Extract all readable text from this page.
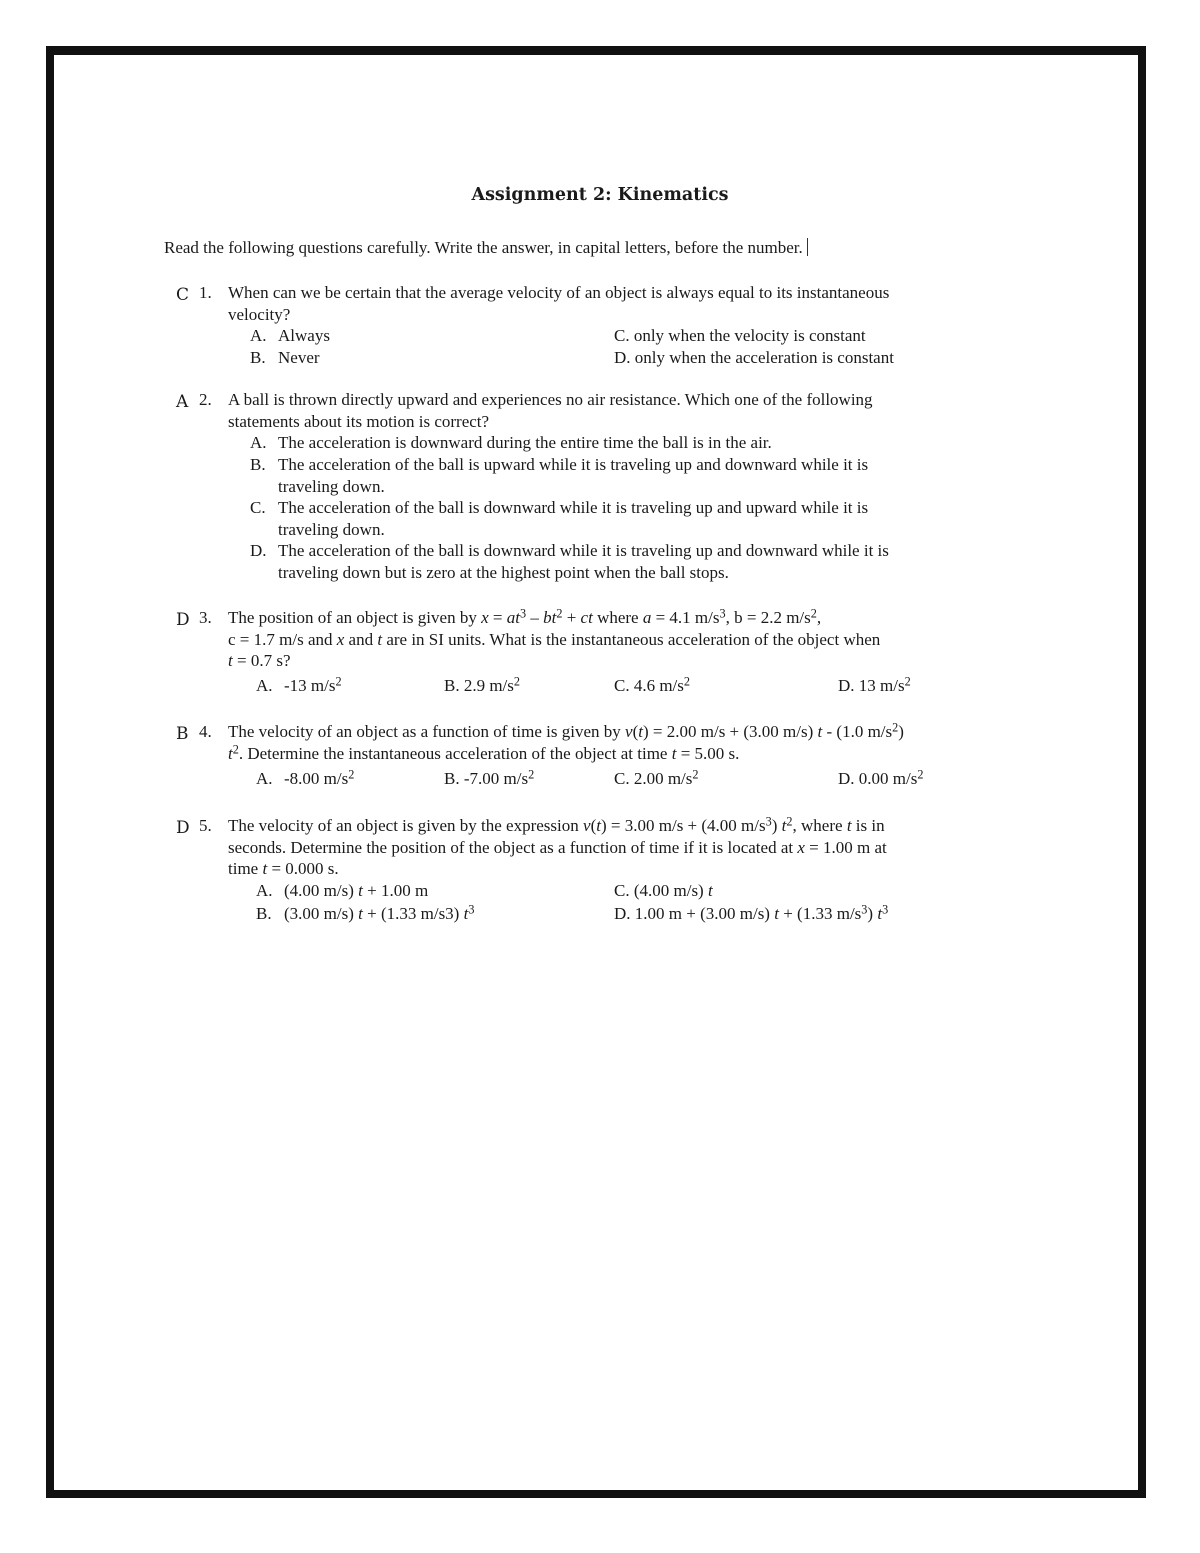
Assignment 2: Kinematics
Read the following questions carefully. Write the answer, in capital letters, before the number.
C 1. When can we be certain that the average velocity of an object is always equal to its instantaneous

velocity?

A. Always
B. Never
C. only when the velocity is constant
D. only when the acceleration is constant
A 2. A ball is thrown directly upward and experiences no air resistance. Which one of the following

statements about its motion is correct?

A. The acceleration is downward during the entire time the ball is in the air.
B. The acceleration of the ball is upward while it is traveling up and downward while it is
traveling down.
C. The acceleration of the ball is downward while it is traveling up and upward while it is
traveling down.
D. The acceleration of the ball is downward while it is traveling up and downward while it is
traveling down but is zero at the highest point when the ball stops.
D 3. The position of an object is given by $x = at^3 - bt^2$ + ct where a = 4.1 $m/s^3$, b = 2.2 $m/s^2$,

c = 1.7 m/s and x and t are in SI units. What is the instantaneous acceleration of the object when

t = 0.7 s?

A. -13 $m/s^2$	B. 2.9 $m/s^2$	C. 4.6 $m/s^2$	D. 13 $m/s^2$
B 4. The velocity of an object as a function of time is given by v(t) = 2.00 m/s + (3.00 m/s) t - (1.0 $m/s^2$)

$t^2$. Determine the instantaneous acceleration of the object at time t = 5.00 s.

A. -8.00 $m/s^2$	B. -7.00 $m/s^2$	C. 2.00 $m/s^2$	D. 0.00 $m/s^2$
D 5. The velocity of an object is given by the expression v(t) = 3.00 m/s + (4.00 $m/s^3$) $t^2$, where t is in

seconds. Determine the position of the object as a function of time if it is located at x = 1.00 m at

time t = 0.000 s.

A. (4.00 m/s) t + 1.00 m
B. (3.00 m/s) t + (1.33 m/s3) $t^3$
C. (4.00 m/s) t
D. 1.00 m + (3.00 m/s) t + (1.33 $m/s^3$) $t^3$
